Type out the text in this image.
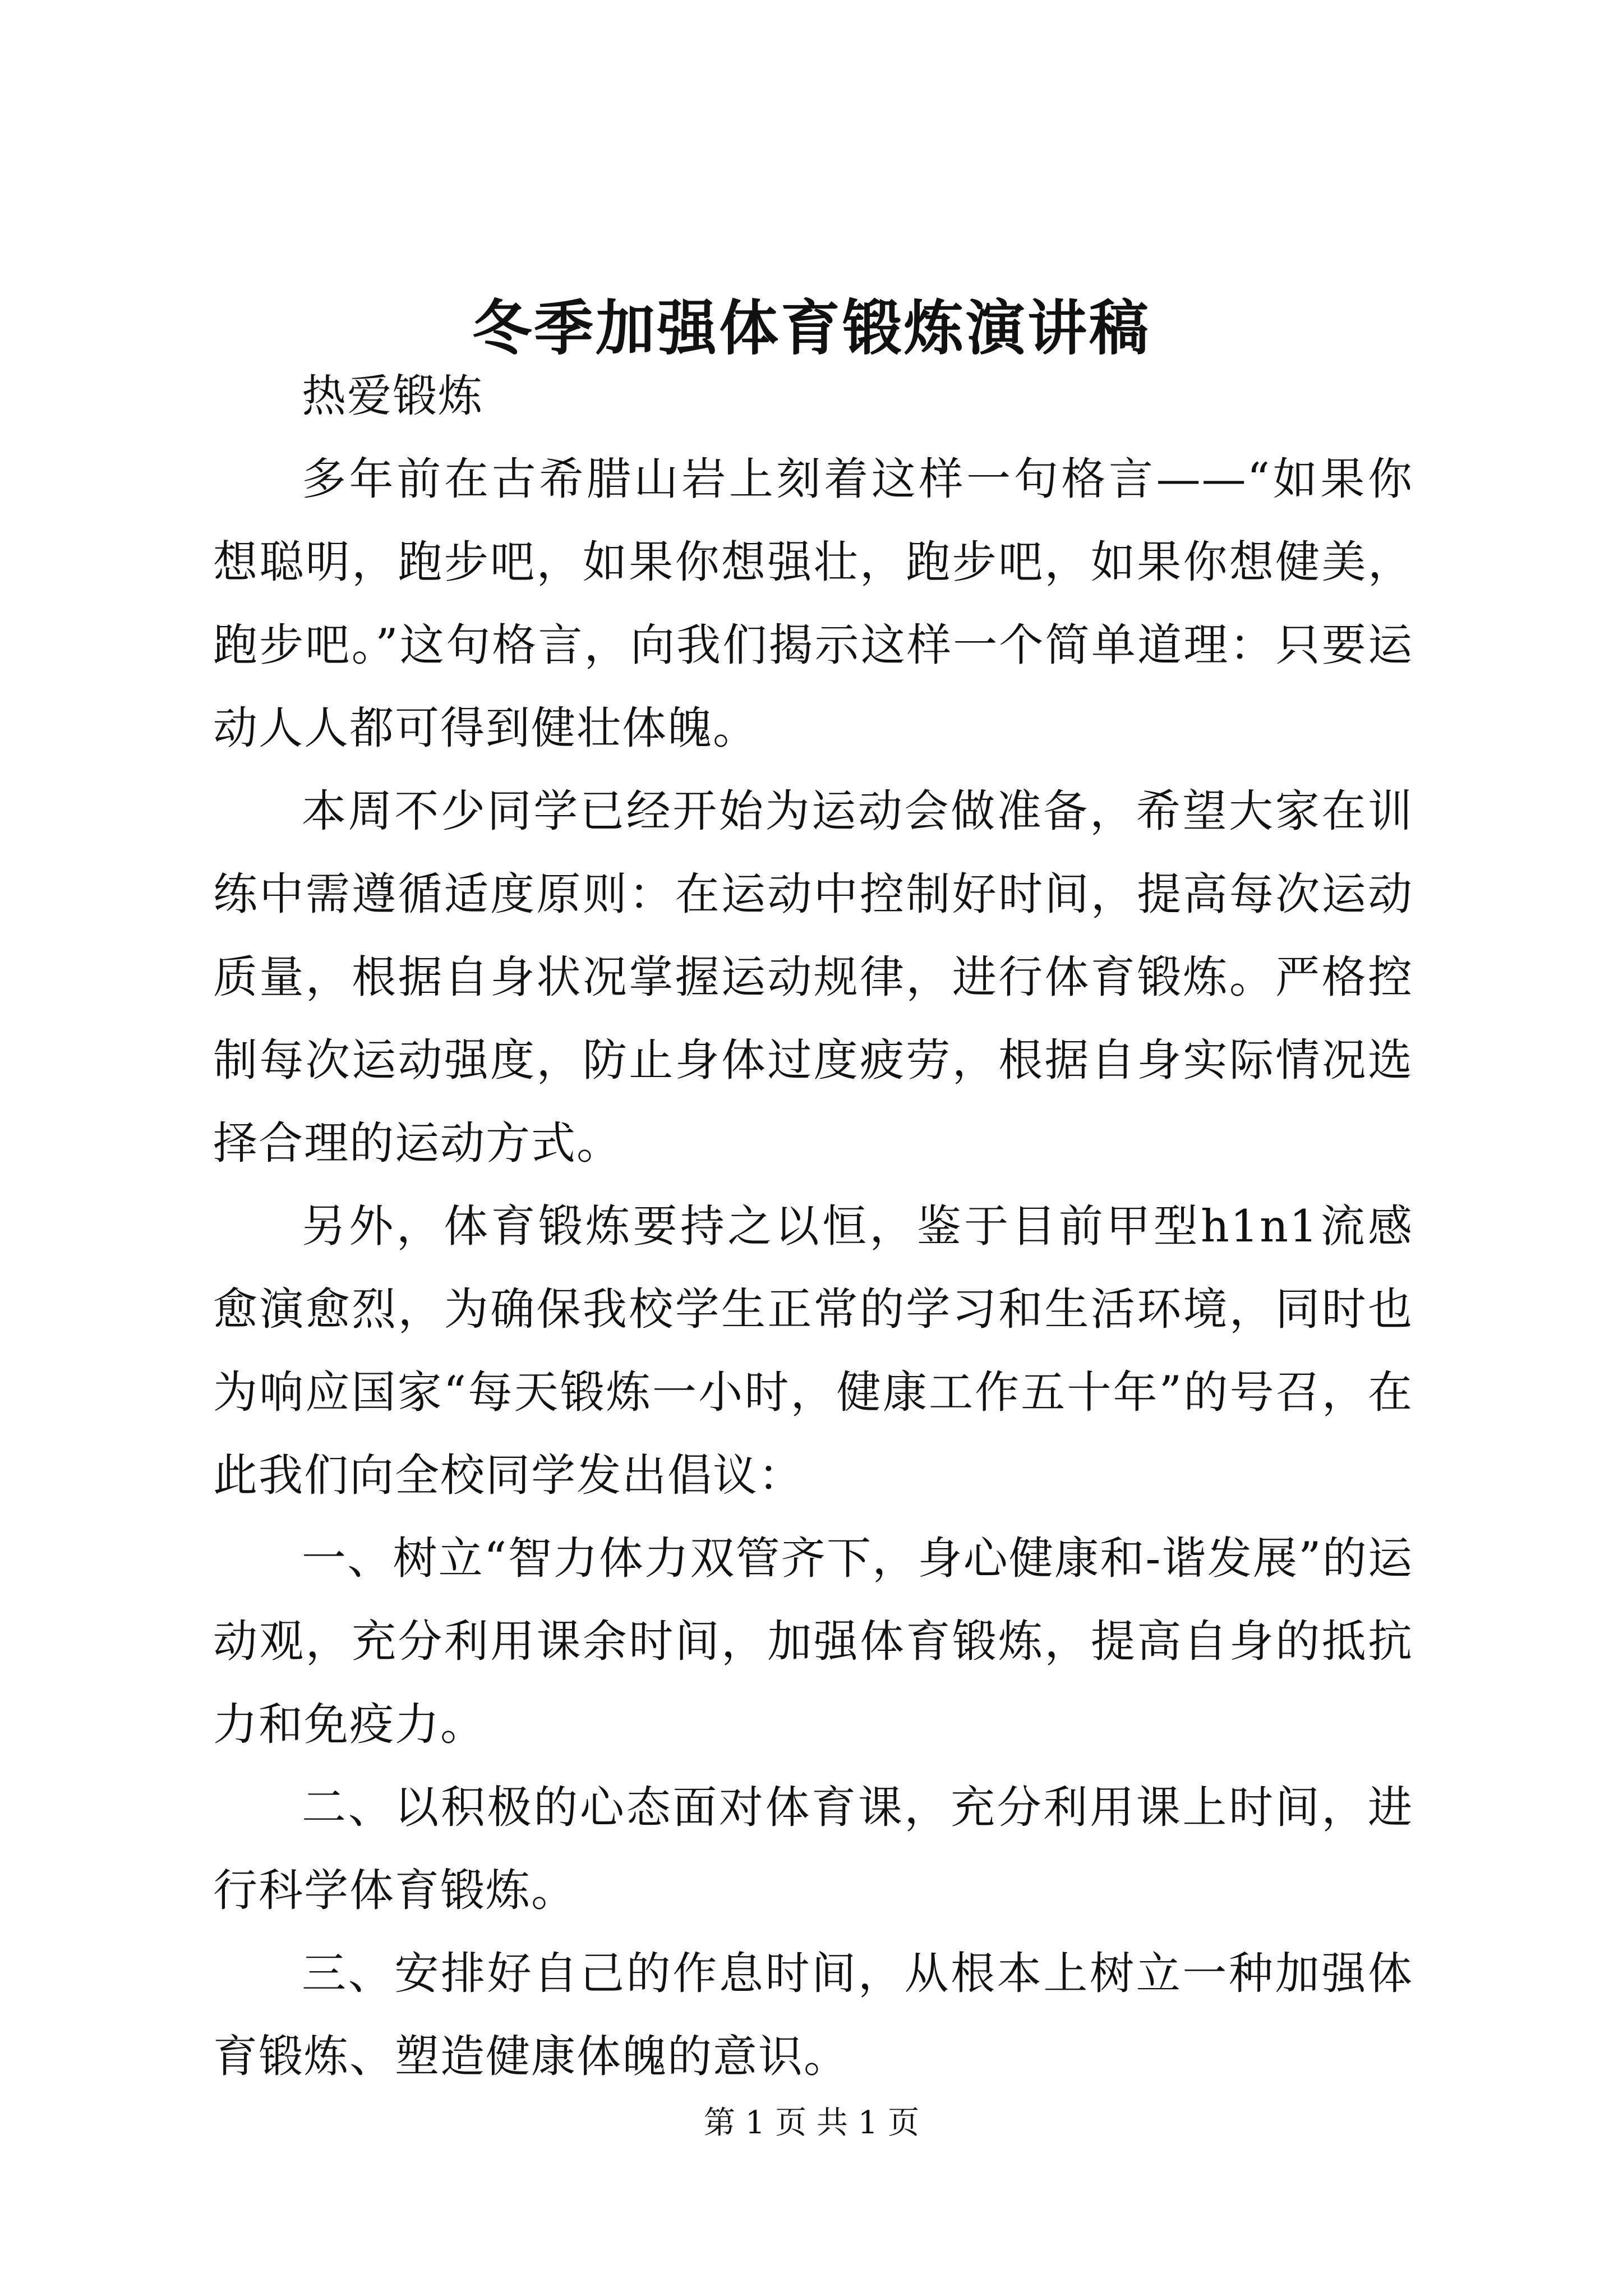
冬季加强体育锻炼演讲稿

热爱锻炼

多年前在古希腊山岩上刻着这样一句格言——“如果你想聪明，跑步吧，如果你想强壮，跑步吧，如果你想健美，跑步吧。”这句格言，向我们揭示这样一个简单道理：只要运动人人都可得到健壮体魄。

本周不少同学已经开始为运动会做准备，希望大家在训练中需遵循适度原则：在运动中控制好时间，提高每次运动质量，根据自身状况掌握运动规律，进行体育锻炼。严格控制每次运动强度，防止身体过度疲劳，根据自身实际情况选择合理的运动方式。

另外，体育锻炼要持之以恒，鉴于目前甲型h1n1流感愈演愈烈，为确保我校学生正常的学习和生活环境，同时也为响应国家“每天锻炼一小时，健康工作五十年”的号召，在此我们向全校同学发出倡议：

一、树立“智力体力双管齐下，身心健康和-谐发展”的运动观，充分利用课余时间，加强体育锻炼，提高自身的抵抗力和免疫力。

二、以积极的心态面对体育课，充分利用课上时间，进行科学体育锻炼。

三、安排好自己的作息时间，从根本上树立一种加强体育锻炼、塑造健康体魄的意识。

第 1 页 共 1 页
